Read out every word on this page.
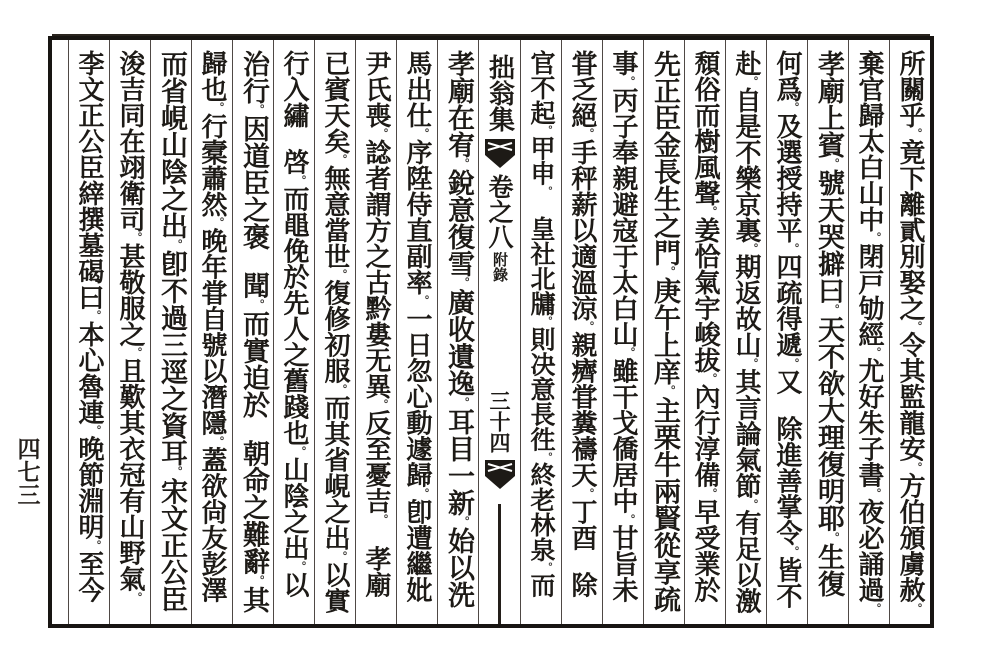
四七三
所關乎。竟下離貳別娶之。令其監龍安。方伯頒虜赦。
棄官歸太白山中。閉戸劬經。尤好朱子書。夜必誦過。
孝廟上賓。號天哭擗曰。天不欲大理復明耶。生復
何爲。及選授持平。四疏得遞。又除進善掌令。皆不
赴。自是不樂京裏。期返故山。其言論氣節。有足以激
頹俗而樹風聲。姜恰氣宇峻拔。內行淳備。早受業於
先正臣金長生之門。庚午上庠。主栗牛兩賢從享疏
事。丙子奉親避寇于太白山。雖干戈僑居中。甘旨未
甞乏絕。手秤薪以適溫涼。親癠甞糞禱天。丁酉除
官不起。甲申。皇社北牗。則决意長徃。終老林泉。而
拙翁集
卷之八
附錄
三十四
孝廟在宥。銳意復雪。廣收遺逸。耳目一新。始以洗
馬出仕。序陞侍直副率。一日忽心動遽歸。卽遭繼妣
尹氏喪。諗者謂方之古黔婁无異。反至憂吉。孝廟
已賓天矣。無意當世。復修初服。而其省峴之出。以實
行入繡啓。而黽俛於先人之舊踐也。山陰之出。以
治行。因道臣之褒聞。而實迫於朝命之難辭。其
歸也。行槖蕭然。晚年甞自號以潛隱。蓋欲尙友彭澤
而省峴山陰之出。卽不過三逕之資耳。宋文正公臣
浚吉同在翊衛司。甚敬服之。且歎其衣冠有山野氣。
李文正公臣縡撰墓碣曰。本心魯連。晚節淵明。至今
